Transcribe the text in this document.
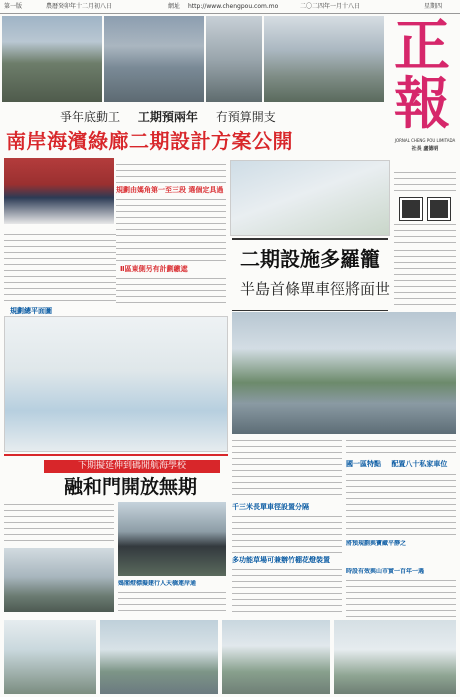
第一版	農曆癸卯年十二月初八日	網址 http://www.chengpou.com.mo	二〇二四年一月十八日	星期四
正
報
JORNAL CHENG POU LIMITADA
社長 盧德明
爭年底動工 工期預兩年 冇預算開支
南岸海濱綠廊二期設計方案公開
規劃由媽角第一至三段 選個定具過
Ⅱ區東側另有計劃繳遮	二期設施多羅籠
半島首條單車徑將面世
規劃總平面圖
千三米長單車徑設置分隔
多功能草場可兼辦竹棚花燈裝置
國一區特點 配置八十私家車位
將預規劃與寶藏平靜之
時設有效與山市實一百年一遇
下期擬延伸到碼閒航海學校
融和門開放無期
媽閣燈標擬建行人天橋連岸通
